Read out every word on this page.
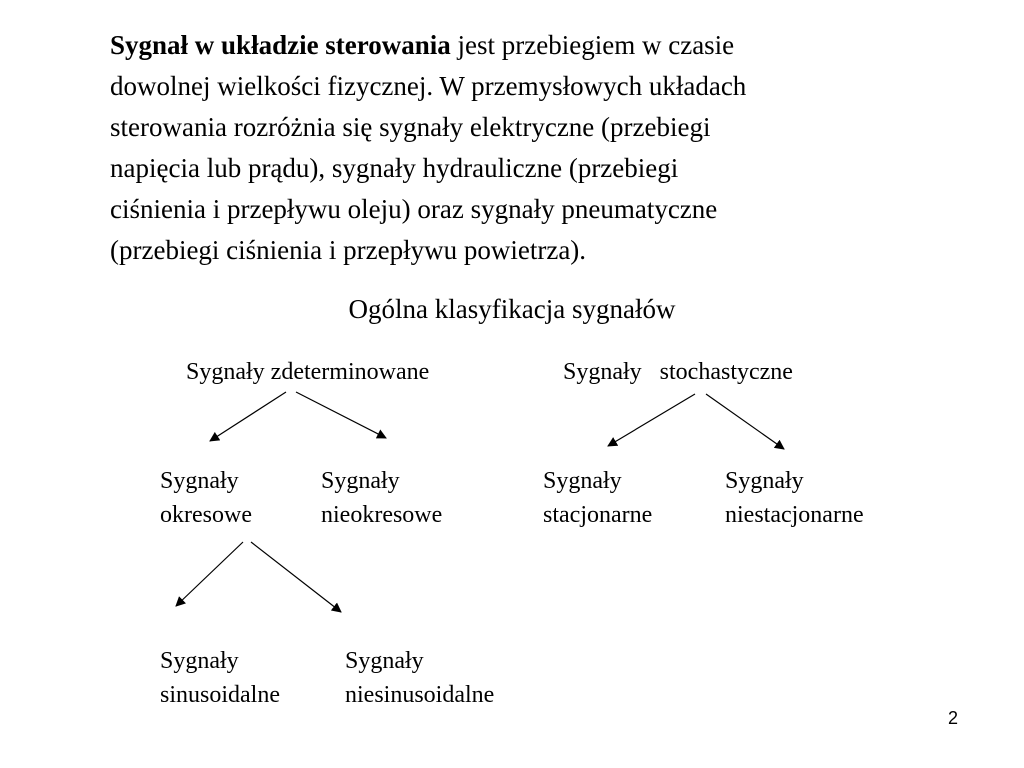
Sygnał w układzie sterowania jest przebiegiem w czasie
dowolnej wielkości fizycznej. W przemysłowych układach
sterowania rozróżnia się sygnały elektryczne (przebiegi
napięcia lub prądu), sygnały hydrauliczne (przebiegi
ciśnienia i przepływu oleju) oraz sygnały pneumatyczne
(przebiegi ciśnienia i przepływu powietrza).

Ogólna klasyfikacja sygnałów
Sygnały zdeterminowane	Sygnały   stochastyczne
Sygnały
okresowe
Sygnały
nieokresowe
Sygnały
stacjonarne
Sygnały
niestacjonarne
Sygnały
sinusoidalne
Sygnały
niesinusoidalne
2
